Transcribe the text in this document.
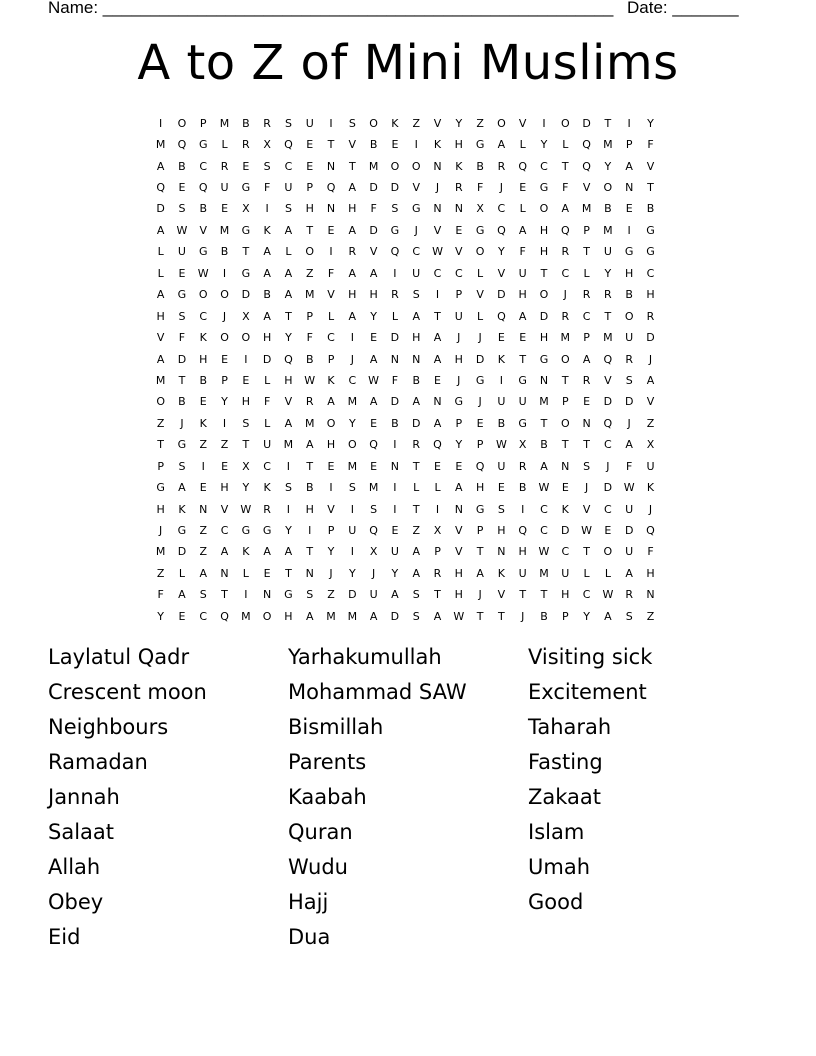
Name: ______________________________________________________ Date: _______
A to Z of Mini Muslims
I	O	P	M	B	R	S	U	I	S	O	K	Z	V	Y	Z	O	V	I	O	D	T	I	Y
M	Q	G	L	R	X	Q	E	T	V	B	E	I	K	H	G	A	L	Y	L	Q	M	P	F
A	B	C	R	E	S	C	E	N	T	M	O	O	N	K	B	R	Q	C	T	Q	Y	A	V
Q	E	Q	U	G	F	U	P	Q	A	D	D	V	J	R	F	J	E	G	F	V	O	N	T
D	S	B	E	X	I	S	H	N	H	F	S	G	N	N	X	C	L	O	A	M	B	E	B
A	W	V	M	G	K	A	T	E	A	D	G	J	V	E	G	Q	A	H	Q	P	M	I	G
L	U	G	B	T	A	L	O	I	R	V	Q	C	W	V	O	Y	F	H	R	T	U	G	G
L	E	W	I	G	A	A	Z	F	A	A	I	U	C	C	L	V	U	T	C	L	Y	H	C
A	G	O	O	D	B	A	M	V	H	H	R	S	I	P	V	D	H	O	J	R	R	B	H
H	S	C	J	X	A	T	P	L	A	Y	L	A	T	U	L	Q	A	D	R	C	T	O	R
V	F	K	O	O	H	Y	F	C	I	E	D	H	A	J	J	E	E	H	M	P	M	U	D
A	D	H	E	I	D	Q	B	P	J	A	N	N	A	H	D	K	T	G	O	A	Q	R	J
M	T	B	P	E	L	H	W	K	C	W	F	B	E	J	G	I	G	N	T	R	V	S	A
O	B	E	Y	H	F	V	R	A	M	A	D	A	N	G	J	U	U	M	P	E	D	D	V
Z	J	K	I	S	L	A	M	O	Y	E	B	D	A	P	E	B	G	T	O	N	Q	J	Z
T	G	Z	Z	T	U	M	A	H	O	Q	I	R	Q	Y	P	W	X	B	T	T	C	A	X
P	S	I	E	X	C	I	T	E	M	E	N	T	E	E	Q	U	R	A	N	S	J	F	U
G	A	E	H	Y	K	S	B	I	S	M	I	L	L	A	H	E	B	W	E	J	D	W	K
H	K	N	V	W	R	I	H	V	I	S	I	T	I	N	G	S	I	C	K	V	C	U	J
J	G	Z	C	G	G	Y	I	P	U	Q	E	Z	X	V	P	H	Q	C	D	W	E	D	Q
M	D	Z	A	K	A	A	T	Y	I	X	U	A	P	V	T	N	H	W	C	T	O	U	F
Z	L	A	N	L	E	T	N	J	Y	J	Y	A	R	H	A	K	U	M	U	L	L	A	H
F	A	S	T	I	N	G	S	Z	D	U	A	S	T	H	J	V	T	T	H	C	W	R	N
Y	E	C	Q	M	O	H	A	M	M	A	D	S	A	W	T	T	J	B	P	Y	A	S	Z
Laylatul Qadr
Crescent moon
Neighbours
Ramadan
Jannah
Salaat
Allah
Obey
Eid
Yarhakumullah
Mohammad SAW
Bismillah
Parents
Kaabah
Quran
Wudu
Hajj
Dua
Visiting sick
Excitement
Taharah
Fasting
Zakaat
Islam
Umah
Good
